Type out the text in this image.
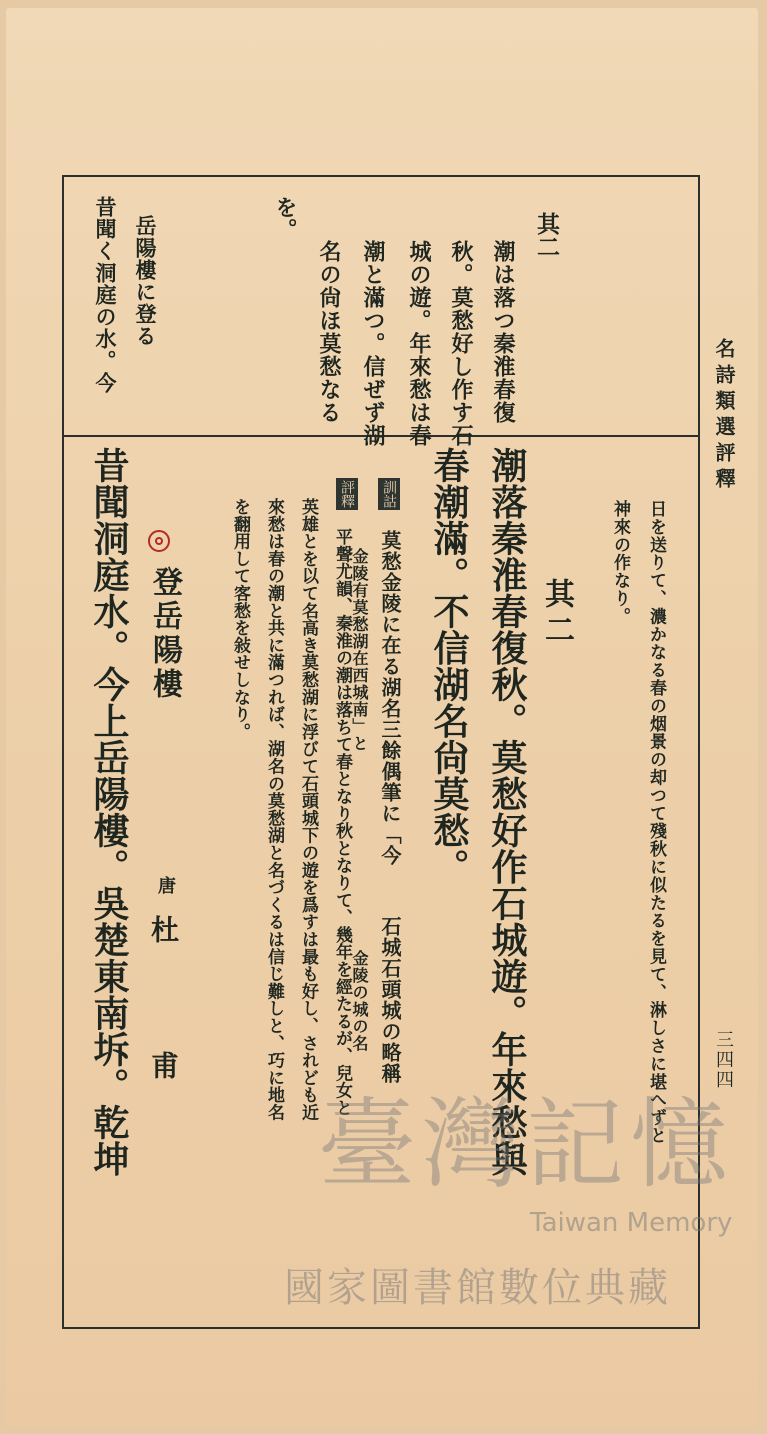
名詩類選評釋
三四四
其二
潮は落つ秦淮春復
秋。莫愁好し作す石
城の遊。年來愁は春
潮と滿つ。信ぜず湖
名の尙ほ莫愁なる
を。
岳陽樓に登る
昔聞く洞庭の水。今
日を送りて、濃かなる春の烟景の却つて殘秋に似たるを見て、淋しさに堪へずと
神來の作なり。
其二
潮落秦淮春復秋。莫愁好作石城遊。年來愁與
春潮滿。不信湖名尙莫愁。
訓詁
莫愁金陵に在る湖名三餘偶筆に「今
石城石頭城の略稱
金陵有莫愁湖在西城南」と
金陵の城の名
評釋
平聲尤韻、秦淮の潮は落ちて春となり秋となりて、幾年を經たるが、兒女と
英雄とを以て名高き莫愁湖に浮びて石頭城下の遊を爲すは最も好し、されども近
來愁は春の潮と共に滿つれば、湖名の莫愁湖と名づくるは信じ難しと、巧に地名
を翻用して客愁を敍せしなり。
登岳陽樓
唐
杜　甫
昔聞洞庭水。今上岳陽樓。吳楚東南坼。乾坤 臺灣記憶
Taiwan Memory
國家圖書館數位典藏
